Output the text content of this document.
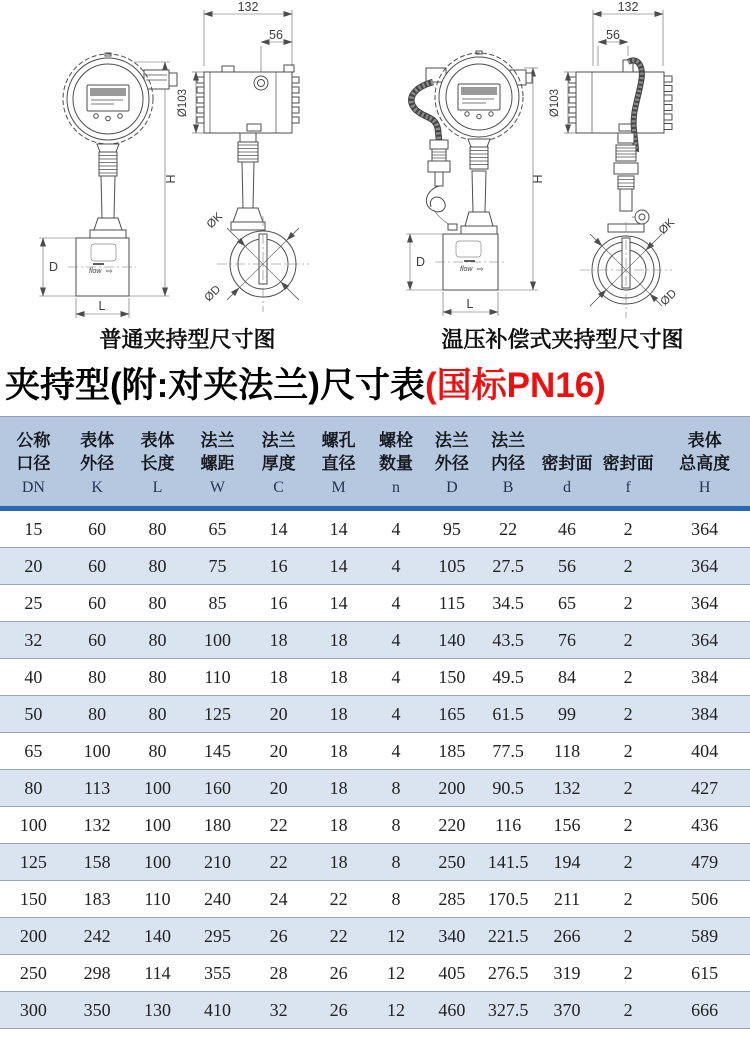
H
flow ⇨
D
L
132
56
Ø103
ØK
ØD
H
flow ⇨
D
L
132
56
Ø103
ØK
ØD
普通夹持型尺寸图	温压补偿式夹持型尺寸图
夹持型(附:对夹法兰)尺寸表(国标PN16)
公称
口径
DN

表体
外径
K

表体
长度
L

法兰
螺距
W

法兰
厚度
C

螺孔
直径
M

螺栓
数量
n

法兰
外径
D

法兰
内径
B

密封面
d

密封面
f

表体
总高度
H

15	60	80	65	14	14	4	95	22	46	2	364
20	60	80	75	16	14	4	105	27.5	56	2	364
25	60	80	85	16	14	4	115	34.5	65	2	364
32	60	80	100	18	18	4	140	43.5	76	2	364
40	80	80	110	18	18	4	150	49.5	84	2	384
50	80	80	125	20	18	4	165	61.5	99	2	384
65	100	80	145	20	18	4	185	77.5	118	2	404
80	113	100	160	20	18	8	200	90.5	132	2	427
100	132	100	180	22	18	8	220	116	156	2	436
125	158	100	210	22	18	8	250	141.5	194	2	479
150	183	110	240	24	22	8	285	170.5	211	2	506
200	242	140	295	26	22	12	340	221.5	266	2	589
250	298	114	355	28	26	12	405	276.5	319	2	615
300	350	130	410	32	26	12	460	327.5	370	2	666
